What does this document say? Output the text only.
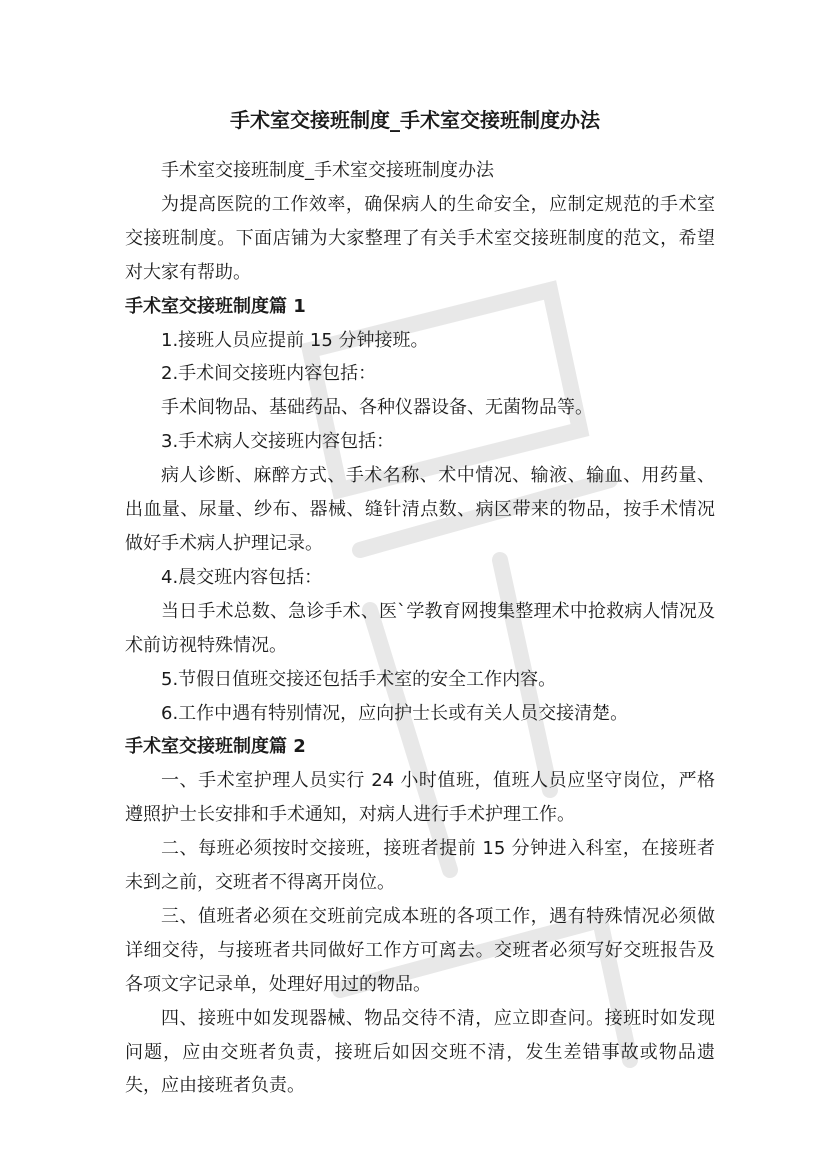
手术室交接班制度_手术室交接班制度办法

手术室交接班制度_手术室交接班制度办法

为提高医院的工作效率，确保病人的生命安全，应制定规范的手术室交接班制度。下面店铺为大家整理了有关手术室交接班制度的范文，希望对大家有帮助。

手术室交接班制度篇 1

1.接班人员应提前 15 分钟接班。

2.手术间交接班内容包括：

手术间物品、基础药品、各种仪器设备、无菌物品等。

3.手术病人交接班内容包括：

病人诊断、麻醉方式、手术名称、术中情况、输液、输血、用药量、出血量、尿量、纱布、器械、缝针清点数、病区带来的物品，按手术情况做好手术病人护理记录。

4.晨交班内容包括：

当日手术总数、急诊手术、医`学教育网搜集整理术中抢救病人情况及术前访视特殊情况。

5.节假日值班交接还包括手术室的安全工作内容。

6.工作中遇有特别情况，应向护士长或有关人员交接清楚。

手术室交接班制度篇 2

一、手术室护理人员实行 24 小时值班，值班人员应坚守岗位，严格遵照护士长安排和手术通知，对病人进行手术护理工作。

二、每班必须按时交接班，接班者提前 15 分钟进入科室，在接班者未到之前，交班者不得离开岗位。

三、值班者必须在交班前完成本班的各项工作，遇有特殊情况必须做详细交待，与接班者共同做好工作方可离去。交班者必须写好交班报告及各项文字记录单，处理好用过的物品。

四、接班中如发现器械、物品交待不清，应立即查问。接班时如发现问题，应由交班者负责，接班后如因交班不清，发生差错事故或物品遗失，应由接班者负责。
